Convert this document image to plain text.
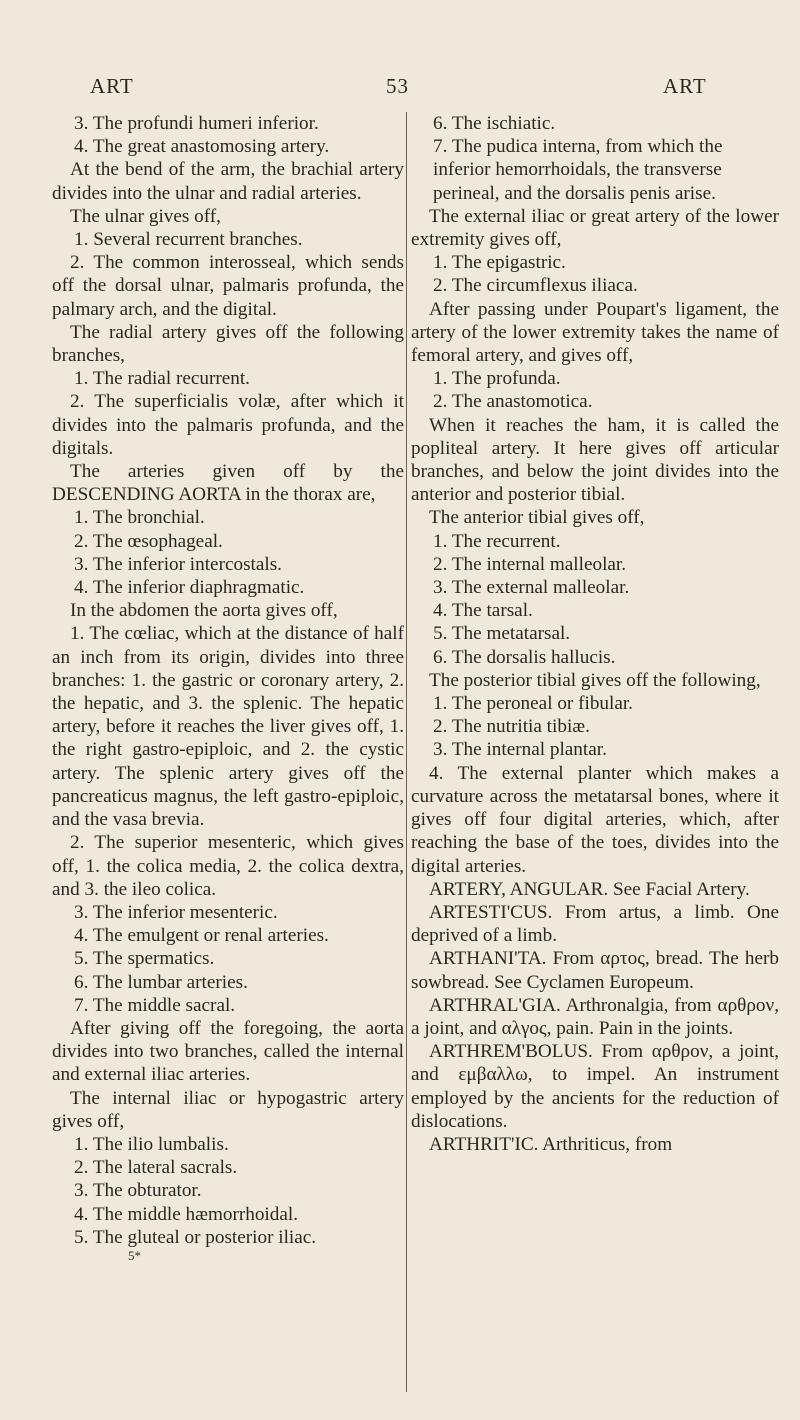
ART	53	ART

3. The profundi humeri inferior.

4. The great anastomosing artery.

At the bend of the arm, the brachial artery divides into the ulnar and radial arteries.

The ulnar gives off,

1. Several recurrent branches.

2. The common interosseal, which sends off the dorsal ulnar, palmaris profunda, the palmary arch, and the digital.

The radial artery gives off the following branches,

1. The radial recurrent.

2. The superficialis volæ, after which it divides into the palmaris profunda, and the digitals.

The arteries given off by the DESCENDING AORTA in the thorax are,

1. The bronchial.

2. The œsophageal.

3. The inferior intercostals.

4. The inferior diaphragmatic.

In the abdomen the aorta gives off,

1. The cœliac, which at the distance of half an inch from its origin, divides into three branches: 1. the gastric or coronary artery, 2. the hepatic, and 3. the splenic. The hepatic artery, before it reaches the liver gives off, 1. the right gastro-epiploic, and 2. the cystic artery. The splenic artery gives off the pancreaticus magnus, the left gastro-epiploic, and the vasa brevia.

2. The superior mesenteric, which gives off, 1. the colica media, 2. the colica dextra, and 3. the ileo colica.

3. The inferior mesenteric.

4. The emulgent or renal arteries.

5. The spermatics.

6. The lumbar arteries.

7. The middle sacral.

After giving off the foregoing, the aorta divides into two branches, called the internal and external iliac arteries.

The internal iliac or hypogastric artery gives off,

1. The ilio lumbalis.

2. The lateral sacrals.

3. The obturator.

4. The middle hæmorrhoidal.

5. The gluteal or posterior iliac.

5*

6. The ischiatic.

7. The pudica interna, from which the inferior hemorrhoidals, the transverse perineal, and the dorsalis penis arise.

The external iliac or great artery of the lower extremity gives off,

1. The epigastric.

2. The circumflexus iliaca.

After passing under Poupart's ligament, the artery of the lower extremity takes the name of femoral artery, and gives off,

1. The profunda.

2. The anastomotica.

When it reaches the ham, it is called the popliteal artery. It here gives off articular branches, and below the joint divides into the anterior and posterior tibial.

The anterior tibial gives off,

1. The recurrent.

2. The internal malleolar.

3. The external malleolar.

4. The tarsal.

5. The metatarsal.

6. The dorsalis hallucis.

The posterior tibial gives off the following,

1. The peroneal or fibular.

2. The nutritia tibiæ.

3. The internal plantar.

4. The external planter which makes a curvature across the metatarsal bones, where it gives off four digital arteries, which, after reaching the base of the toes, divides into the digital arteries.

ARTERY, ANGULAR. See Facial Artery.

ARTESTI'CUS. From artus, a limb. One deprived of a limb.

ARTHANI'TA. From αρτος, bread. The herb sowbread. See Cyclamen Europeum.

ARTHRAL'GIA. Arthronalgia, from αρθρον, a joint, and αλγος, pain. Pain in the joints.

ARTHREM'BOLUS. From αρθρον, a joint, and εμβαλλω, to impel. An instrument employed by the ancients for the reduction of dislocations.

ARTHRIT'IC. Arthriticus, from
